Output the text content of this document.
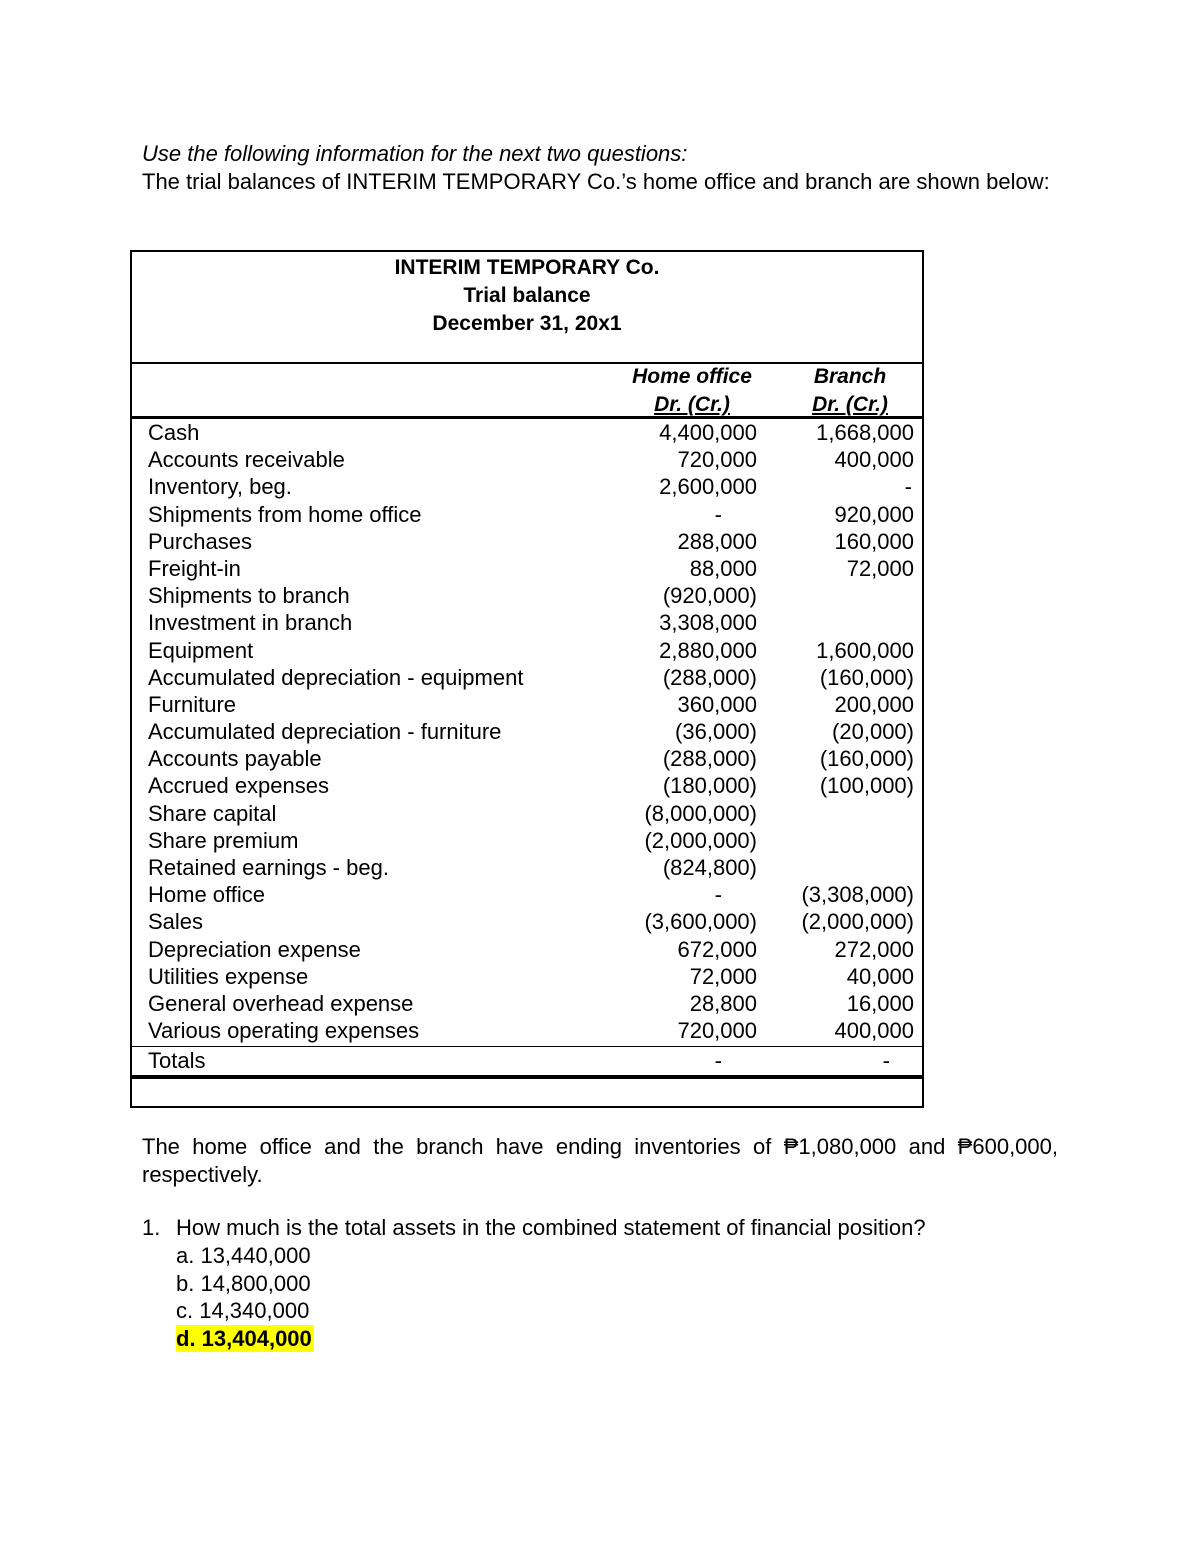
Use the following information for the next two questions:
The trial balances of INTERIM TEMPORARY Co.’s home office and branch are shown below:
INTERIM TEMPORARY Co.
Trial balance
December 31, 20x1
Home office
Dr. (Cr.)
Branch
Dr. (Cr.)
Cash	4,400,000	1,668,000
Accounts receivable	720,000	400,000
Inventory, beg.	2,600,000	-
Shipments from home office	-	920,000
Purchases	288,000	160,000
Freight-in	88,000	72,000
Shipments to branch	(920,000)
Investment in branch	3,308,000
Equipment	2,880,000	1,600,000
Accumulated depreciation - equipment	(288,000)	(160,000)
Furniture	360,000	200,000
Accumulated depreciation - furniture	(36,000)	(20,000)
Accounts payable	(288,000)	(160,000)
Accrued expenses	(180,000)	(100,000)
Share capital	(8,000,000)
Share premium	(2,000,000)
Retained earnings - beg.	(824,800)
Home office	-	(3,308,000)
Sales	(3,600,000) (2,000,000)
Depreciation expense	672,000	272,000
Utilities expense	72,000	40,000
General overhead expense	28,800	16,000
Various operating expenses	720,000	400,000
Totals	-	-
The home office and the branch have ending inventories of ₱1,080,000 and ₱600,000, respectively.
1. How much is the total assets in the combined statement of financial position?
a. 13,440,000
b. 14,800,000
c. 14,340,000
d. 13,404,000
